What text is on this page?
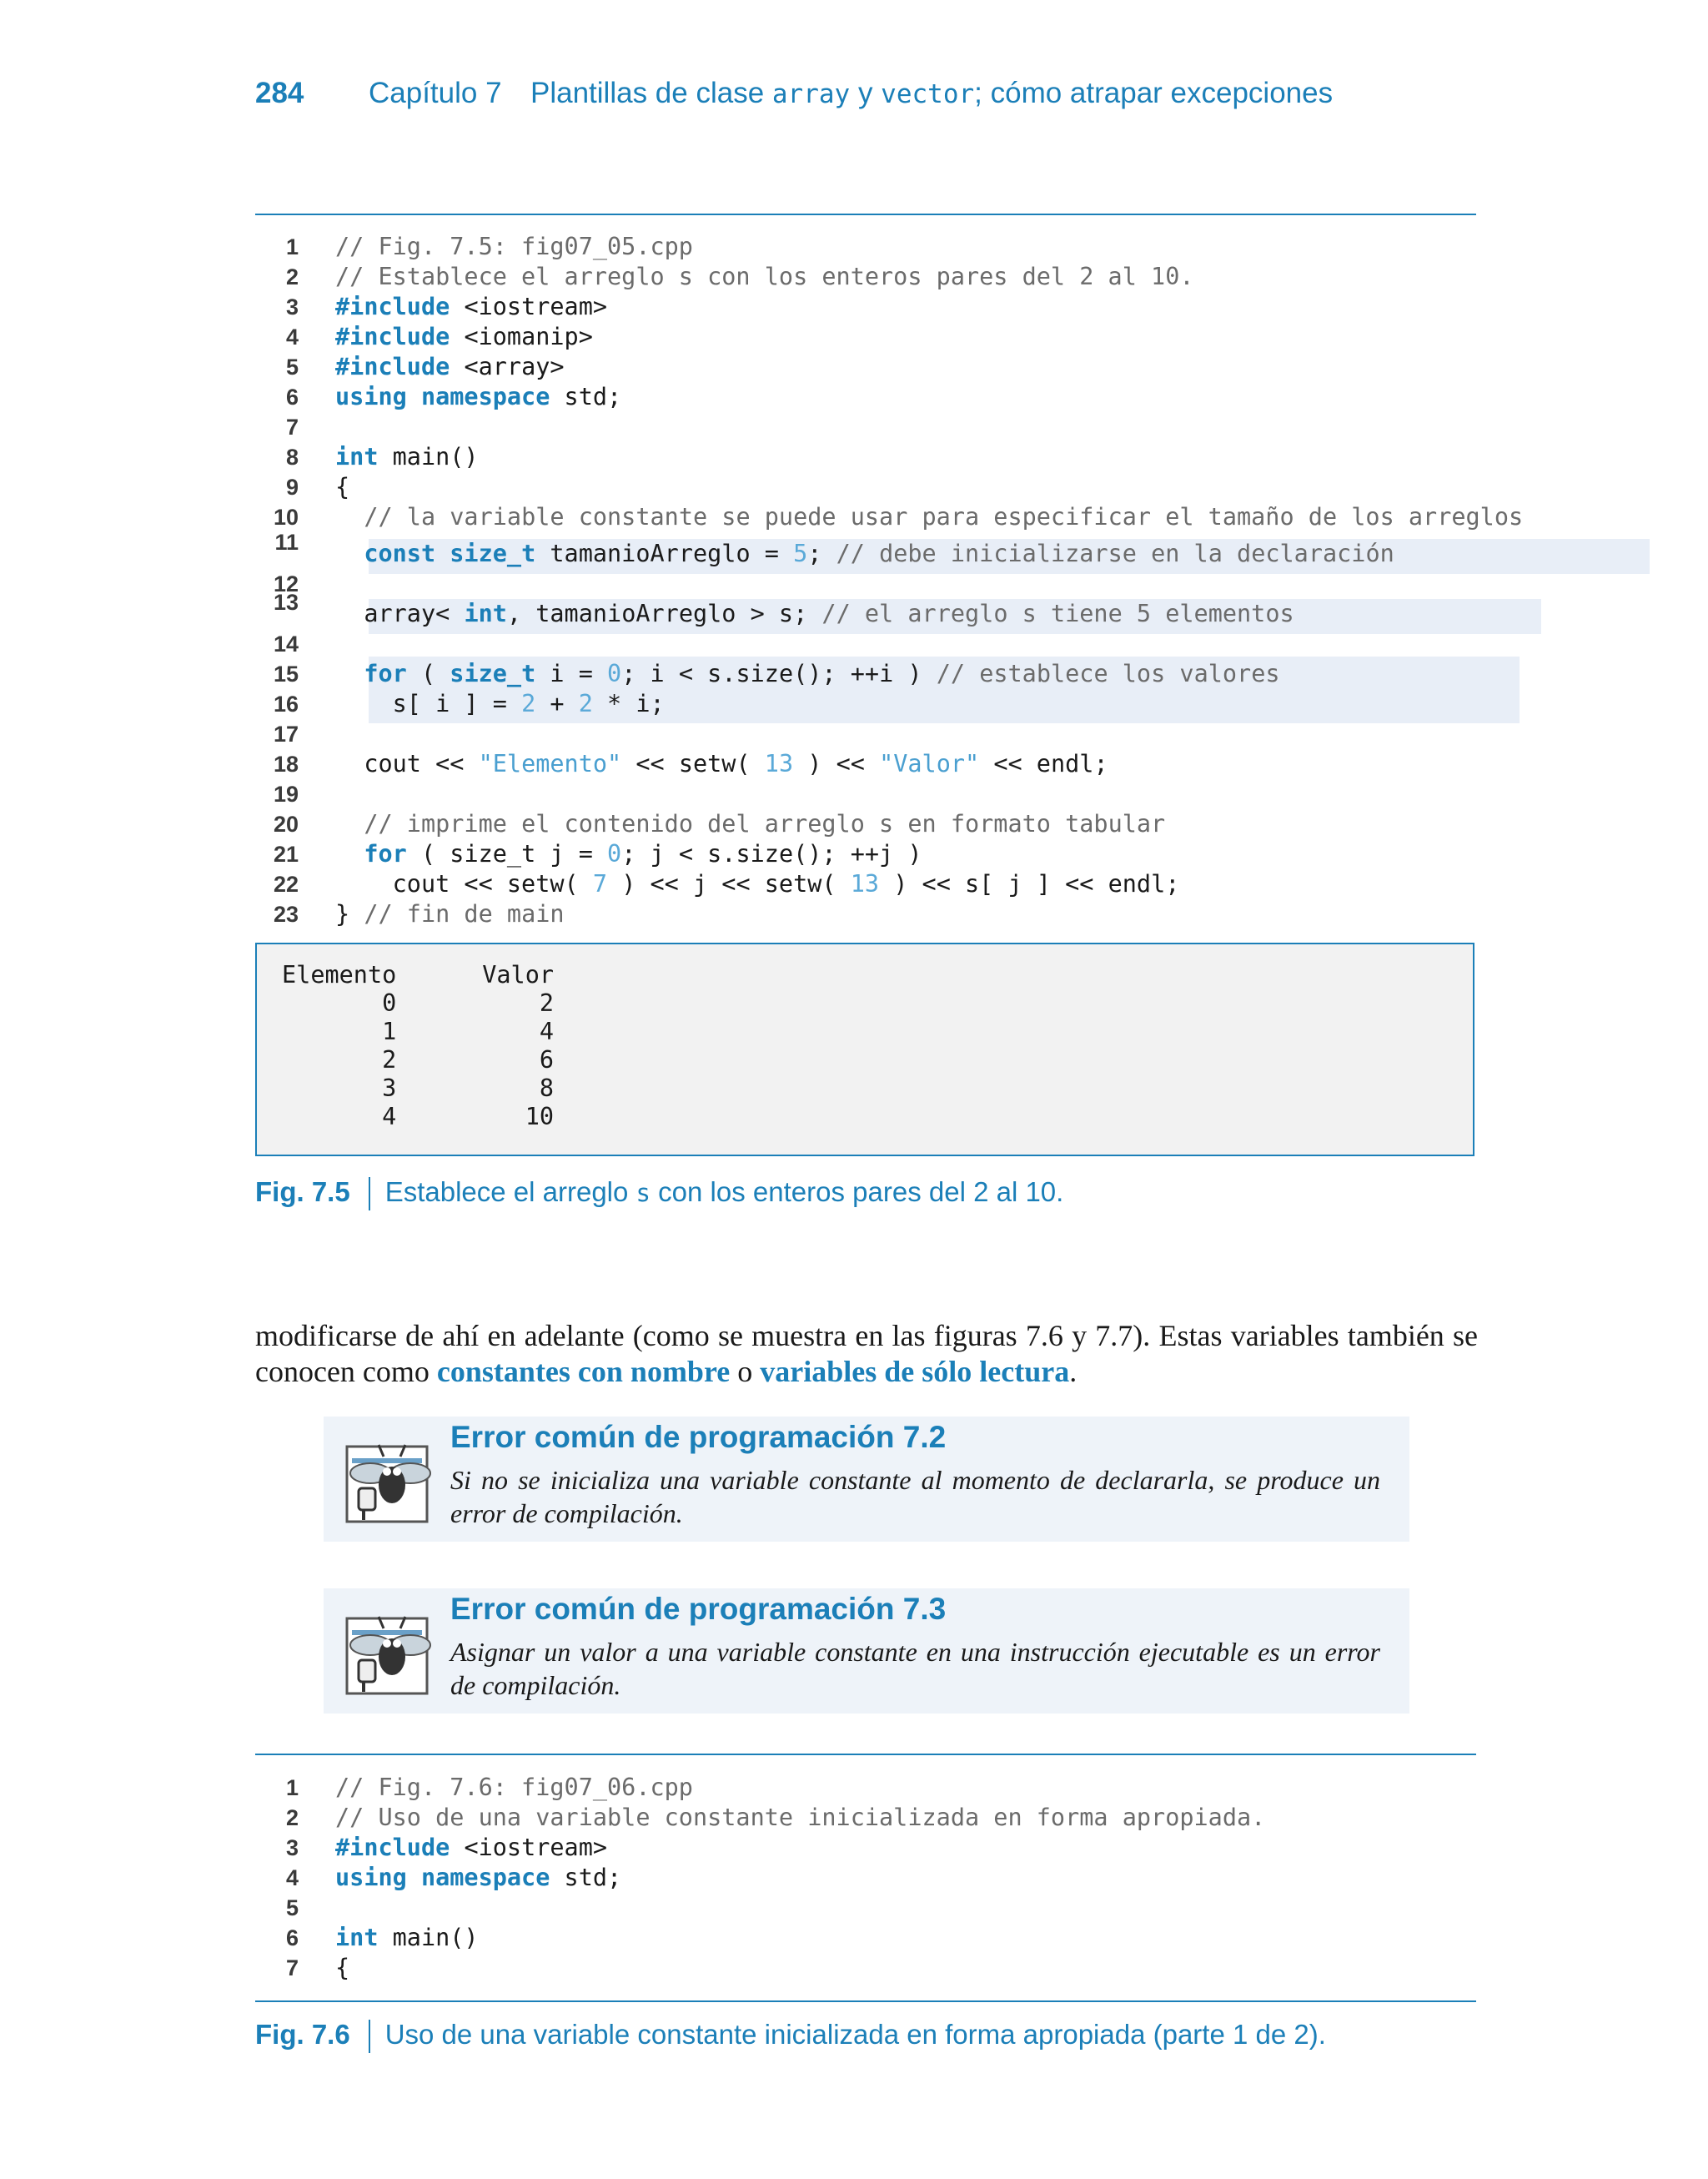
284 Capítulo 7 Plantillas de clase array y vector; cómo atrapar excepciones
1 // Fig. 7.5: fig07_05.cpp
2 // Establece el arreglo s con los enteros pares del 2 al 10.
3 #include <iostream>
4 #include <iomanip>
5 #include <array>
6 using namespace std;
7
8 int main()
9 {
10	// la variable constante se puede usar para especificar el tamaño de los arreglos
11	const size_t tamanioArreglo = 5; // debe inicializarse en la declaración
12
13 array< int, tamanioArreglo > s; // el arreglo s tiene 5 elementos
14
15	for ( size_t i = 0; i < s.size(); ++i ) // establece los valores
16 s[ i ] = 2 + 2 * i;
17
18 cout << "Elemento" << setw( 13 ) << "Valor" << endl;
19
20	// imprime el contenido del arreglo s en formato tabular
21	for ( size_t j = 0; j < s.size(); ++j )
22 cout << setw( 7 ) << j << setw( 13 ) << s[ j ] << endl;
23 } // fin de main
Elemento      Valor
0          2
1          4
2          6
3          8
4         10
Fig. 7.5 Establece el arreglo s con los enteros pares del 2 al 10.
modificarse de ahí en adelante (como se muestra en las figuras 7.6 y 7.7). Estas variables también se conocen como constantes con nombre o variables de sólo lectura.
Error común de programación 7.2
Si no se inicializa una variable constante al momento de declararla, se produce un error de compilación.
Error común de programación 7.3
Asignar un valor a una variable constante en una instrucción ejecutable es un error de compilación.
1 // Fig. 7.6: fig07_06.cpp
2 // Uso de una variable constante inicializada en forma apropiada.
3 #include <iostream>
4 using namespace std;
5
6 int main()
7 {
Fig. 7.6 Uso de una variable constante inicializada en forma apropiada (parte 1 de 2).
